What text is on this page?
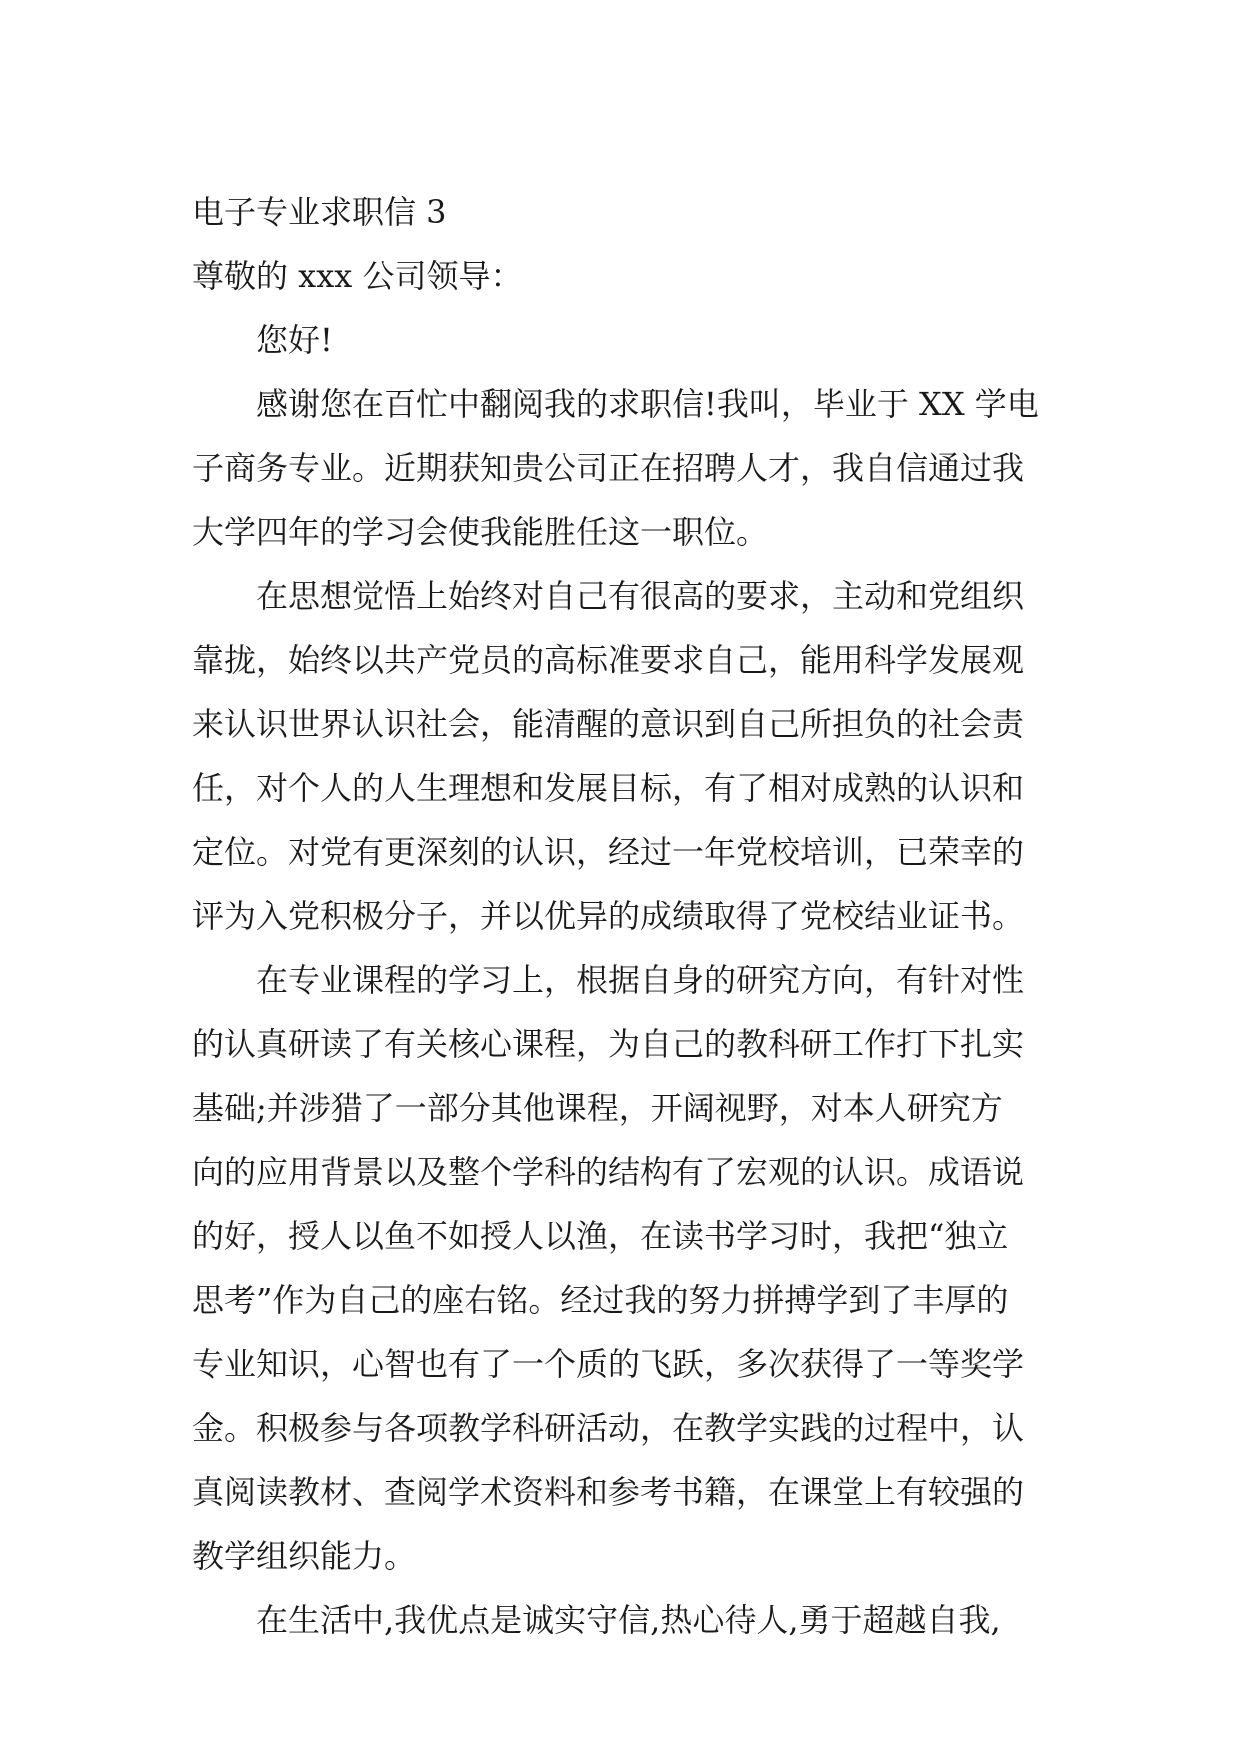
电子专业求职信 3
尊敬的 xxx 公司领导：
您好!
感谢您在百忙中翻阅我的求职信!我叫，毕业于 XX 学电
子商务专业。近期获知贵公司正在招聘人才，我自信通过我
大学四年的学习会使我能胜任这一职位。
在思想觉悟上始终对自己有很高的要求，主动和党组织
靠拢，始终以共产党员的高标准要求自己，能用科学发展观
来认识世界认识社会，能清醒的意识到自己所担负的社会责
任，对个人的人生理想和发展目标，有了相对成熟的认识和
定位。对党有更深刻的认识，经过一年党校培训，已荣幸的
评为入党积极分子，并以优异的成绩取得了党校结业证书。
在专业课程的学习上，根据自身的研究方向，有针对性
的认真研读了有关核心课程，为自己的教科研工作打下扎实
基础;并涉猎了一部分其他课程，开阔视野，对本人研究方
向的应用背景以及整个学科的结构有了宏观的认识。成语说
的好，授人以鱼不如授人以渔，在读书学习时，我把“独立
思考”作为自己的座右铭。经过我的努力拼搏学到了丰厚的
专业知识，心智也有了一个质的飞跃，多次获得了一等奖学
金。积极参与各项教学科研活动，在教学实践的过程中，认
真阅读教材、查阅学术资料和参考书籍，在课堂上有较强的
教学组织能力。
在生活中,我优点是诚实守信,热心待人,勇于超越自我,
